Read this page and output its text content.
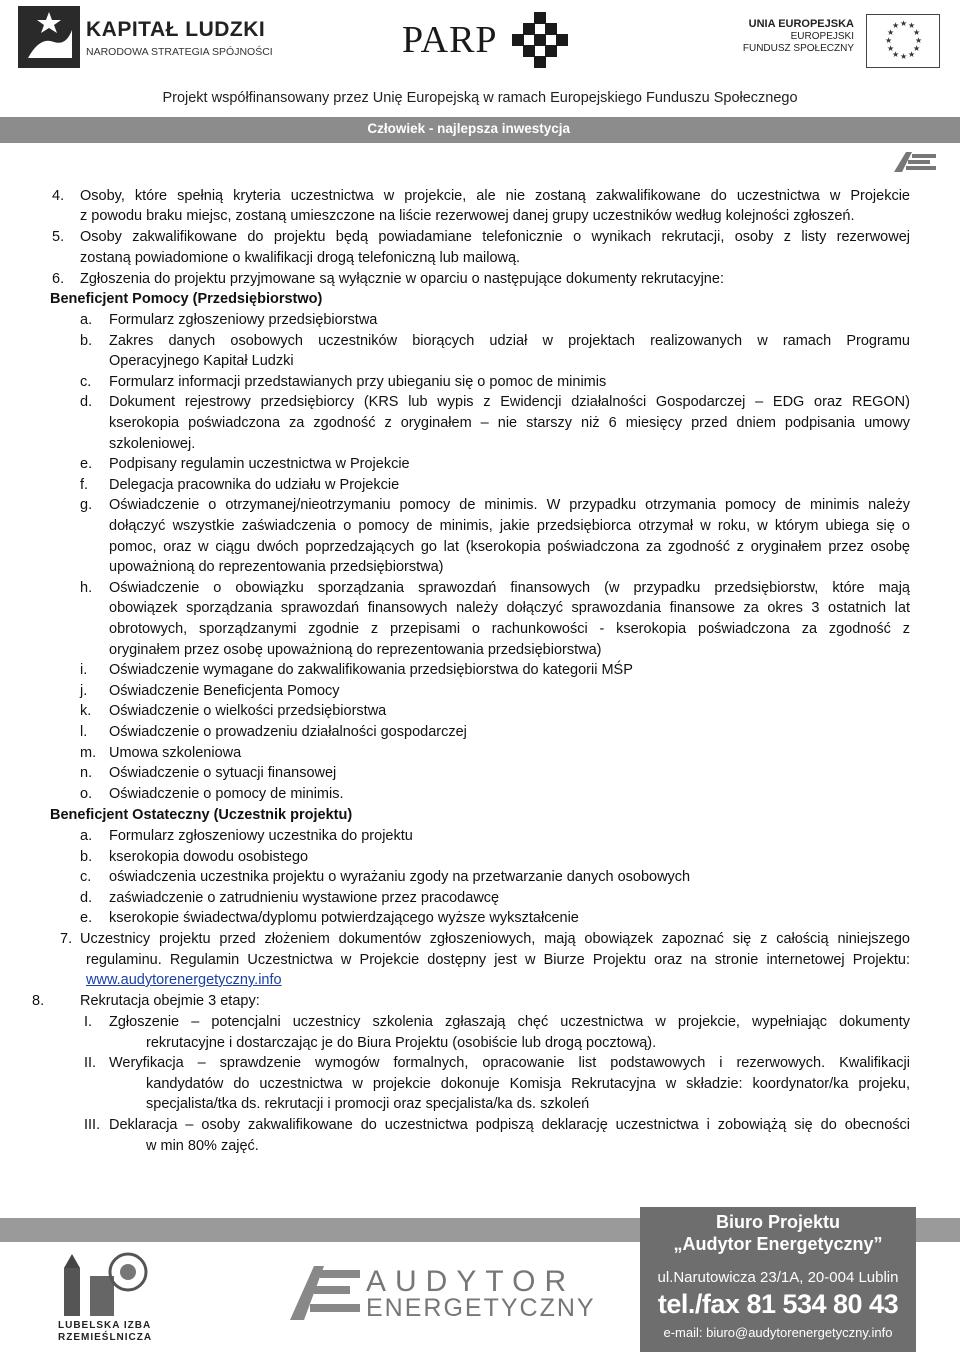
KAPITAŁ LUDZKI
NARODOWA STRATEGIA SPÓJNOŚCI	PARP	UNIA EUROPEJSKA
EUROPEJSKI
FUNDUSZ SPOŁECZNY
★ ★
★
★
★
★
★
★
★
★
★
★
Projekt współfinansowany przez Unię Europejską w ramach Europejskiego Funduszu Społecznego
Człowiek - najlepsza inwestycja
4. Osoby, które spełnią kryteria uczestnictwa w projekcie, ale nie zostaną zakwalifikowane do uczestnictwa w Projekcie
z powodu braku miejsc, zostaną umieszczone na liście rezerwowej danej grupy uczestników według kolejności zgłoszeń.
5. Osoby zakwalifikowane do projektu będą powiadamiane telefonicznie o wynikach rekrutacji, osoby z listy rezerwowej
zostaną powiadomione o kwalifikacji drogą telefoniczną lub mailową.
6. Zgłoszenia do projektu przyjmowane są wyłącznie w oparciu o następujące dokumenty rekrutacyjne:
Beneficjent Pomocy (Przedsiębiorstwo)
a. Formularz zgłoszeniowy przedsiębiorstwa
b. Zakres danych osobowych uczestników biorących udział w projektach realizowanych w ramach Programu
Operacyjnego Kapitał Ludzki
c. Formularz informacji przedstawianych przy ubieganiu się o pomoc de minimis
d. Dokument rejestrowy przedsiębiorcy (KRS lub wypis z Ewidencji działalności Gospodarczej – EDG oraz REGON)
kserokopia poświadczona za zgodność z oryginałem – nie starszy niż 6 miesięcy przed dniem podpisania umowy
szkoleniowej.
e. Podpisany regulamin uczestnictwa w Projekcie
f. Delegacja pracownika do udziału w Projekcie
g. Oświadczenie o otrzymanej/nieotrzymaniu pomocy de minimis. W przypadku otrzymania pomocy de minimis należy
dołączyć wszystkie zaświadczenia o pomocy de minimis, jakie przedsiębiorca otrzymał w roku, w którym ubiega się o
pomoc, oraz w ciągu dwóch poprzedzających go lat (kserokopia poświadczona za zgodność z oryginałem przez osobę
upoważnioną do reprezentowania przedsiębiorstwa)
h. Oświadczenie o obowiązku sporządzania sprawozdań finansowych (w przypadku przedsiębiorstw, które mają
obowiązek sporządzania sprawozdań finansowych należy dołączyć sprawozdania finansowe za okres 3 ostatnich lat
obrotowych, sporządzanymi zgodnie z przepisami o rachunkowości - kserokopia poświadczona za zgodność z
oryginałem przez osobę upoważnioną do reprezentowania przedsiębiorstwa)
i. Oświadczenie wymagane do zakwalifikowania przedsiębiorstwa do kategorii MŚP
j. Oświadczenie Beneficjenta Pomocy
k. Oświadczenie o wielkości przedsiębiorstwa
l. Oświadczenie o prowadzeniu działalności gospodarczej
m. Umowa szkoleniowa
n. Oświadczenie o sytuacji finansowej
o. Oświadczenie o pomocy de minimis.
Beneficjent Ostateczny (Uczestnik projektu)
a. Formularz zgłoszeniowy uczestnika do projektu
b. kserokopia dowodu osobistego
c. oświadczenia uczestnika projektu o wyrażaniu zgody na przetwarzanie danych osobowych
d. zaświadczenie o zatrudnieniu wystawione przez pracodawcę
e. kserokopie świadectwa/dyplomu potwierdzającego wyższe wykształcenie
7. Uczestnicy projektu przed złożeniem dokumentów zgłoszeniowych, mają obowiązek zapoznać się z całością niniejszego
regulaminu. Regulamin Uczestnictwa w Projekcie dostępny jest w Biurze Projektu oraz na stronie internetowej Projektu:
www.audytorenergetyczny.info
8. Rekrutacja obejmie 3 etapy:
I. Zgłoszenie – potencjalni uczestnicy szkolenia zgłaszają chęć uczestnictwa w projekcie, wypełniając dokumenty
rekrutacyjne i dostarczając je do Biura Projektu (osobiście lub drogą pocztową).
II. Weryfikacja – sprawdzenie wymogów formalnych, opracowanie list podstawowych i rezerwowych. Kwalifikacji
kandydatów do uczestnictwa w projekcie dokonuje Komisja Rekrutacyjna w składzie: koordynator/ka projeku,
specjalista/tka ds. rekrutacji i promocji oraz specjalista/ka ds. szkoleń
III. Deklaracja – osoby zakwalifikowane do uczestnictwa podpiszą deklarację uczestnictwa i zobowiążą się do obecności
w min 80% zajęć.
LUBELSKA IZBA
RZEMIEŚLNICZA
AUDYTOR
ENERGETYCZNY
Biuro Projektu
„Audytor Energetyczny”
ul.Narutowicza 23/1A, 20-004 Lublin
tel./fax 81 534 80 43
e-mail: biuro@audytorenergetyczny.info
